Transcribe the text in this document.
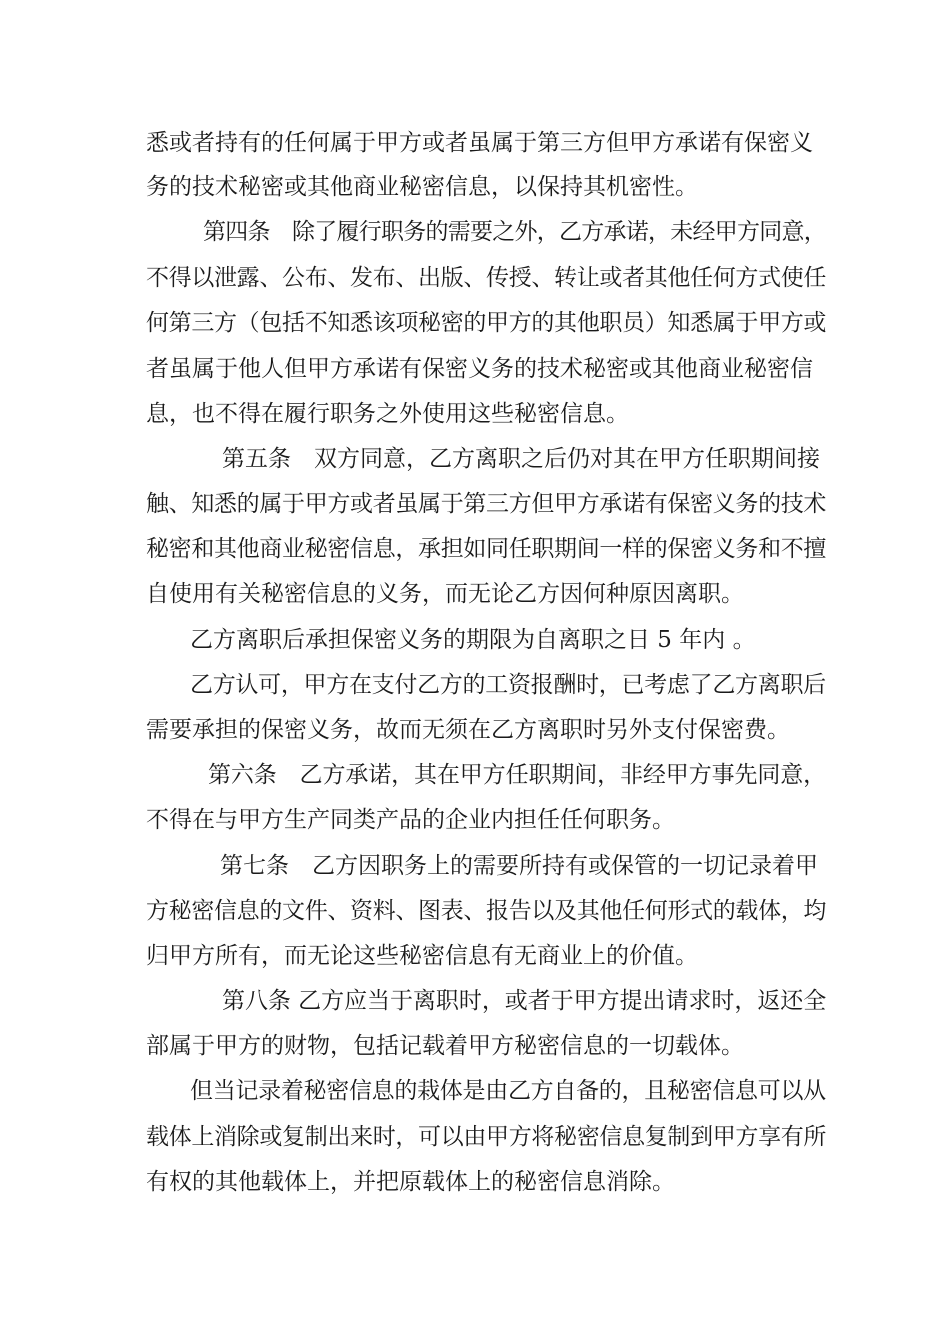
悉或者持有的任何属于甲方或者虽属于第三方但甲方承诺有保密义
务的技术秘密或其他商业秘密信息，以保持其机密性。
第四条　除了履行职务的需要之外，乙方承诺，未经甲方同意，
不得以泄露、公布、发布、出版、传授、转让或者其他任何方式使任
何第三方（包括不知悉该项秘密的甲方的其他职员）知悉属于甲方或
者虽属于他人但甲方承诺有保密义务的技术秘密或其他商业秘密信
息，也不得在履行职务之外使用这些秘密信息。
第五条　双方同意，乙方离职之后仍对其在甲方任职期间接
触、知悉的属于甲方或者虽属于第三方但甲方承诺有保密义务的技术
秘密和其他商业秘密信息，承担如同任职期间一样的保密义务和不擅
自使用有关秘密信息的义务，而无论乙方因何种原因离职。
乙方离职后承担保密义务的期限为自离职之日 5 年内 。
乙方认可，甲方在支付乙方的工资报酬时，已考虑了乙方离职后
需要承担的保密义务，故而无须在乙方离职时另外支付保密费。
第六条　乙方承诺，其在甲方任职期间，非经甲方事先同意，
不得在与甲方生产同类产品的企业内担任任何职务。
第七条　乙方因职务上的需要所持有或保管的一切记录着甲
方秘密信息的文件、资料、图表、报告以及其他任何形式的载体，均
归甲方所有，而无论这些秘密信息有无商业上的价值。
第八条 乙方应当于离职时，或者于甲方提出请求时，返还全
部属于甲方的财物，包括记载着甲方秘密信息的一切载体。
但当记录着秘密信息的栽体是由乙方自备的，且秘密信息可以从
载体上消除或复制出来时，可以由甲方将秘密信息复制到甲方享有所
有权的其他载体上，并把原载体上的秘密信息消除。
